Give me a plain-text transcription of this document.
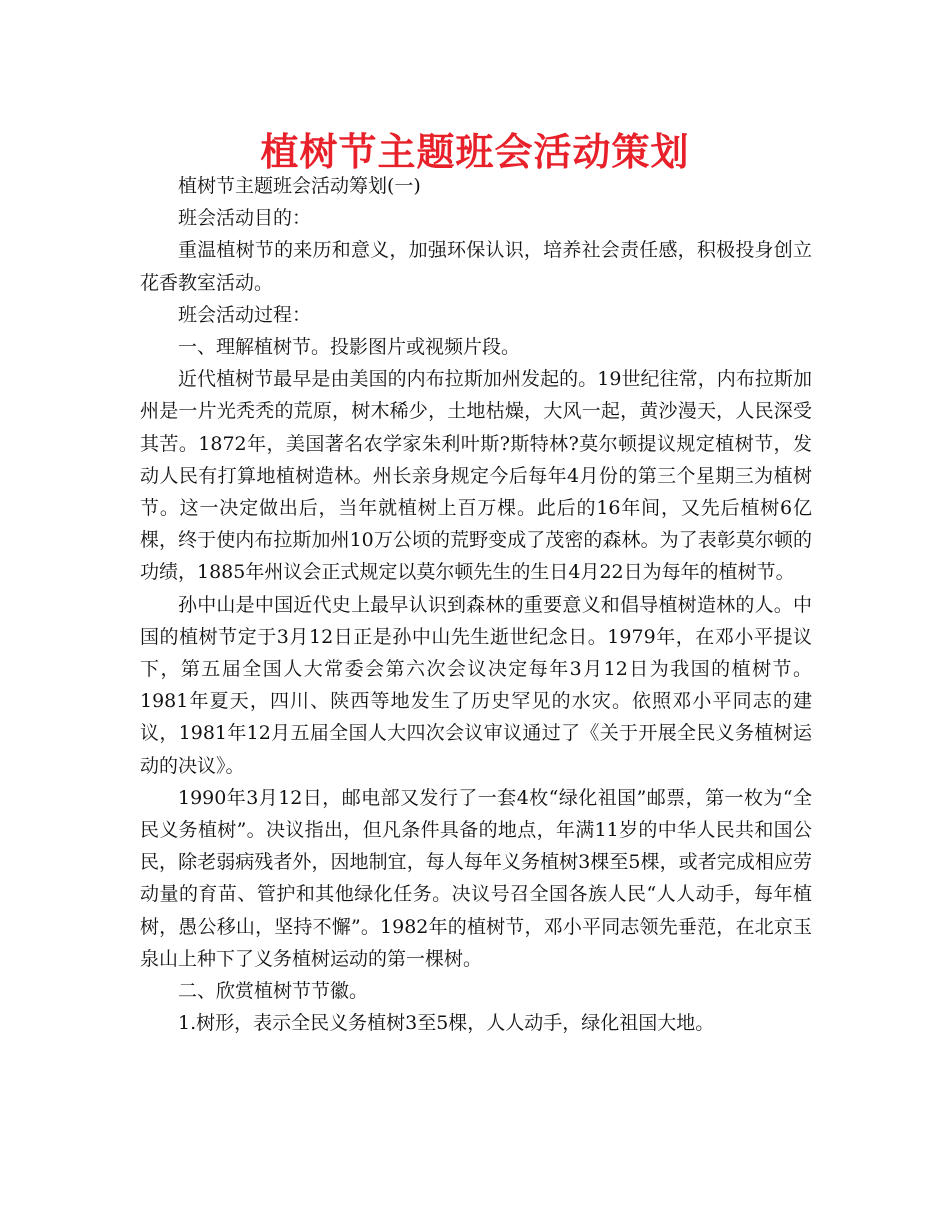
植树节主题班会活动策划

植树节主题班会活动筹划(一)

班会活动目的：

重温植树节的来历和意义，加强环保认识，培养社会责任感，积极投身创立花香教室活动。

班会活动过程：

一、理解植树节。投影图片或视频片段。

近代植树节最早是由美国的内布拉斯加州发起的。19世纪往常，内布拉斯加州是一片光秃秃的荒原，树木稀少，土地枯燥，大风一起，黄沙漫天，人民深受其苦。1872年，美国著名农学家朱利叶斯?斯特林?莫尔顿提议规定植树节，发动人民有打算地植树造林。州长亲身规定今后每年4月份的第三个星期三为植树节。这一决定做出后，当年就植树上百万棵。此后的16年间，又先后植树6亿棵，终于使内布拉斯加州10万公顷的荒野变成了茂密的森林。为了表彰莫尔顿的功绩，1885年州议会正式规定以莫尔顿先生的生日4月22日为每年的植树节。

孙中山是中国近代史上最早认识到森林的重要意义和倡导植树造林的人。中国的植树节定于3月12日正是孙中山先生逝世纪念日。1979年，在邓小平提议下，第五届全国人大常委会第六次会议决定每年3月12日为我国的植树节。1981年夏天，四川、陕西等地发生了历史罕见的水灾。依照邓小平同志的建议，1981年12月五届全国人大四次会议审议通过了《关于开展全民义务植树运动的决议》。

1990年3月12日，邮电部又发行了一套4枚“绿化祖国”邮票，第一枚为“全民义务植树”。决议指出，但凡条件具备的地点，年满11岁的中华人民共和国公民，除老弱病残者外，因地制宜，每人每年义务植树3棵至5棵，或者完成相应劳动量的育苗、管护和其他绿化任务。决议号召全国各族人民“人人动手，每年植树，愚公移山，坚持不懈”。1982年的植树节，邓小平同志领先垂范，在北京玉泉山上种下了义务植树运动的第一棵树。

二、欣赏植树节节徽。

1.树形，表示全民义务植树3至5棵，人人动手，绿化祖国大地。
